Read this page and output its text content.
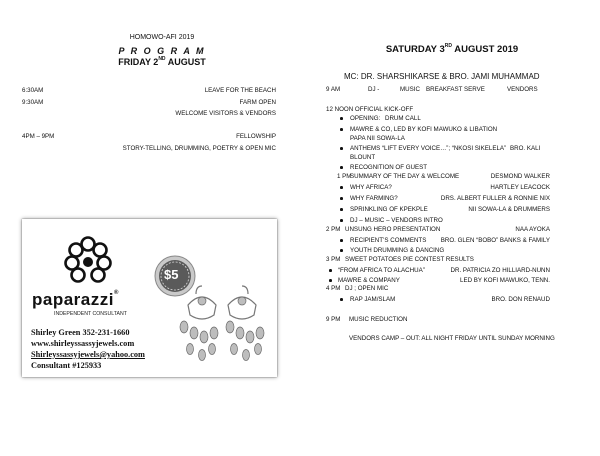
HOMOWO-AFI 2019
P R O G R A M
FRIDAY 2ND AUGUST
6:30AM	LEAVE FOR THE BEACH
9:30AM	FARM OPEN
WELCOME VISITORS & VENDORS
4PM – 9PM	FELLOWSHIP
STORY-TELLING, DRUMMING, POETRY & OPEN MIC
paparazzi®
INDEPENDENT CONSULTANT
$5
Shirley Green 352-231-1660
www.shirleyssassyjewels.com
Shirleyssassyjewels@yahoo.com
Consultant #125933
SATURDAY 3RD AUGUST 2019
MC: DR. SHARSHIKARSE & BRO. JAMI MUHAMMAD
9 AM	DJ -	MUSIC BREAKFAST SERVE	VENDORS
12 NOON OFFICIAL KICK-OFF
OPENING: DRUM CALL
MAWRE & CO, LED BY KOFI MAWUKO & LIBATION
PAPA NII SOWA-LA
ANTHEMS “LIFT EVERY VOICE…”; “NKOSI SIKELELA” BRO. KALI
BLOUNT
RECOGNITION OF GUEST
1 PM
SUMMARY OF THE DAY & WELCOME	DESMOND WALKER
WHY AFRICA?	HARTLEY LEACOCK
WHY FARMING?	DRS. ALBERT FULLER & RONNIE NIX
SPRINKLING OF KPEKPLE	NII SOWA-LA & DRUMMERS
DJ – MUSIC – VENDORS INTRO
2 PM UNSUNG HERO PRESENTATION	NAA AYOKA
RECIPIENT’S COMMENTS	BRO. GLEN “BOBO” BANKS & FAMILY
YOUTH DRUMMING & DANCING
3 PM SWEET POTATOES PIE CONTEST RESULTS
“FROM AFRICA TO ALACHUA”	DR. PATRICIA ZO HILLIARD-NUNN
MAWRE & COMPANY	LED BY KOFI MAWUKO, TENN.
4 PM DJ ; OPEN MIC
RAP JAM/SLAM	BRO. DON RENAUD
9 PM MUSIC REDUCTION
VENDORS CAMP – OUT: ALL NIGHT FRIDAY UNTIL SUNDAY MORNING
